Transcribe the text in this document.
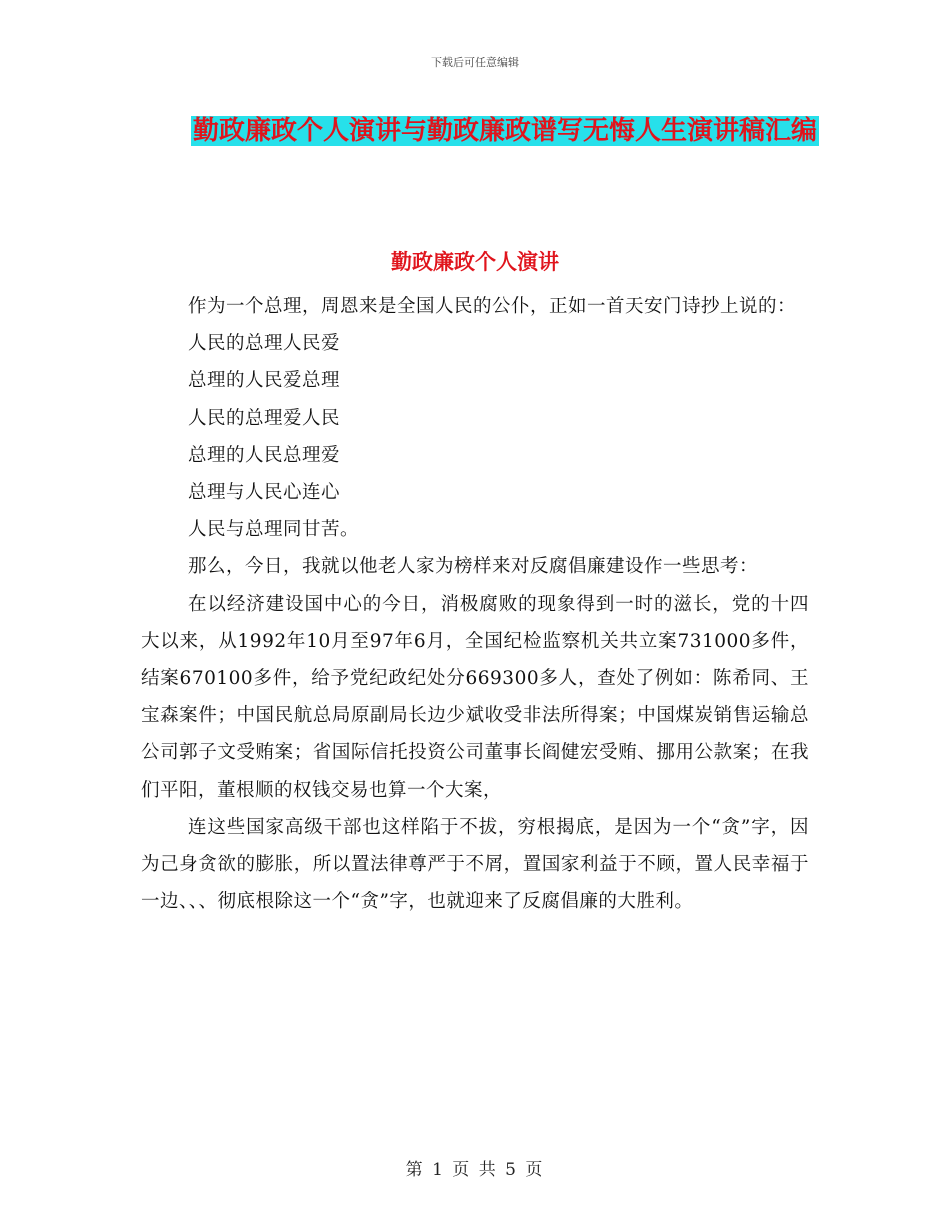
下载后可任意编辑
勤政廉政个人演讲与勤政廉政谱写无悔人生演讲稿汇编
勤政廉政个人演讲

作为一个总理，周恩来是全国人民的公仆，正如一首天安门诗抄上说的：

人民的总理人民爱

总理的人民爱总理

人民的总理爱人民

总理的人民总理爱

总理与人民心连心

人民与总理同甘苦。

那么，今日，我就以他老人家为榜样来对反腐倡廉建设作一些思考：

在以经济建设国中心的今日，消极腐败的现象得到一时的滋长，党的十四大以来，从1992年10月至97年6月，全国纪检监察机关共立案731000多件，结案670100多件，给予党纪政纪处分669300多人，查处了例如：陈希同、王宝森案件；中国民航总局原副局长边少斌收受非法所得案；中国煤炭销售运输总公司郭子文受贿案；省国际信托投资公司董事长阎健宏受贿、挪用公款案；在我们平阳，董根顺的权钱交易也算一个大案，

连这些国家高级干部也这样陷于不拔，穷根揭底，是因为一个“贪”字，因为己身贪欲的膨胀，所以置法律尊严于不屑，置国家利益于不顾，置人民幸福于一边、、、彻底根除这一个“贪”字，也就迎来了反腐倡廉的大胜利。

第 1 页 共 5 页
